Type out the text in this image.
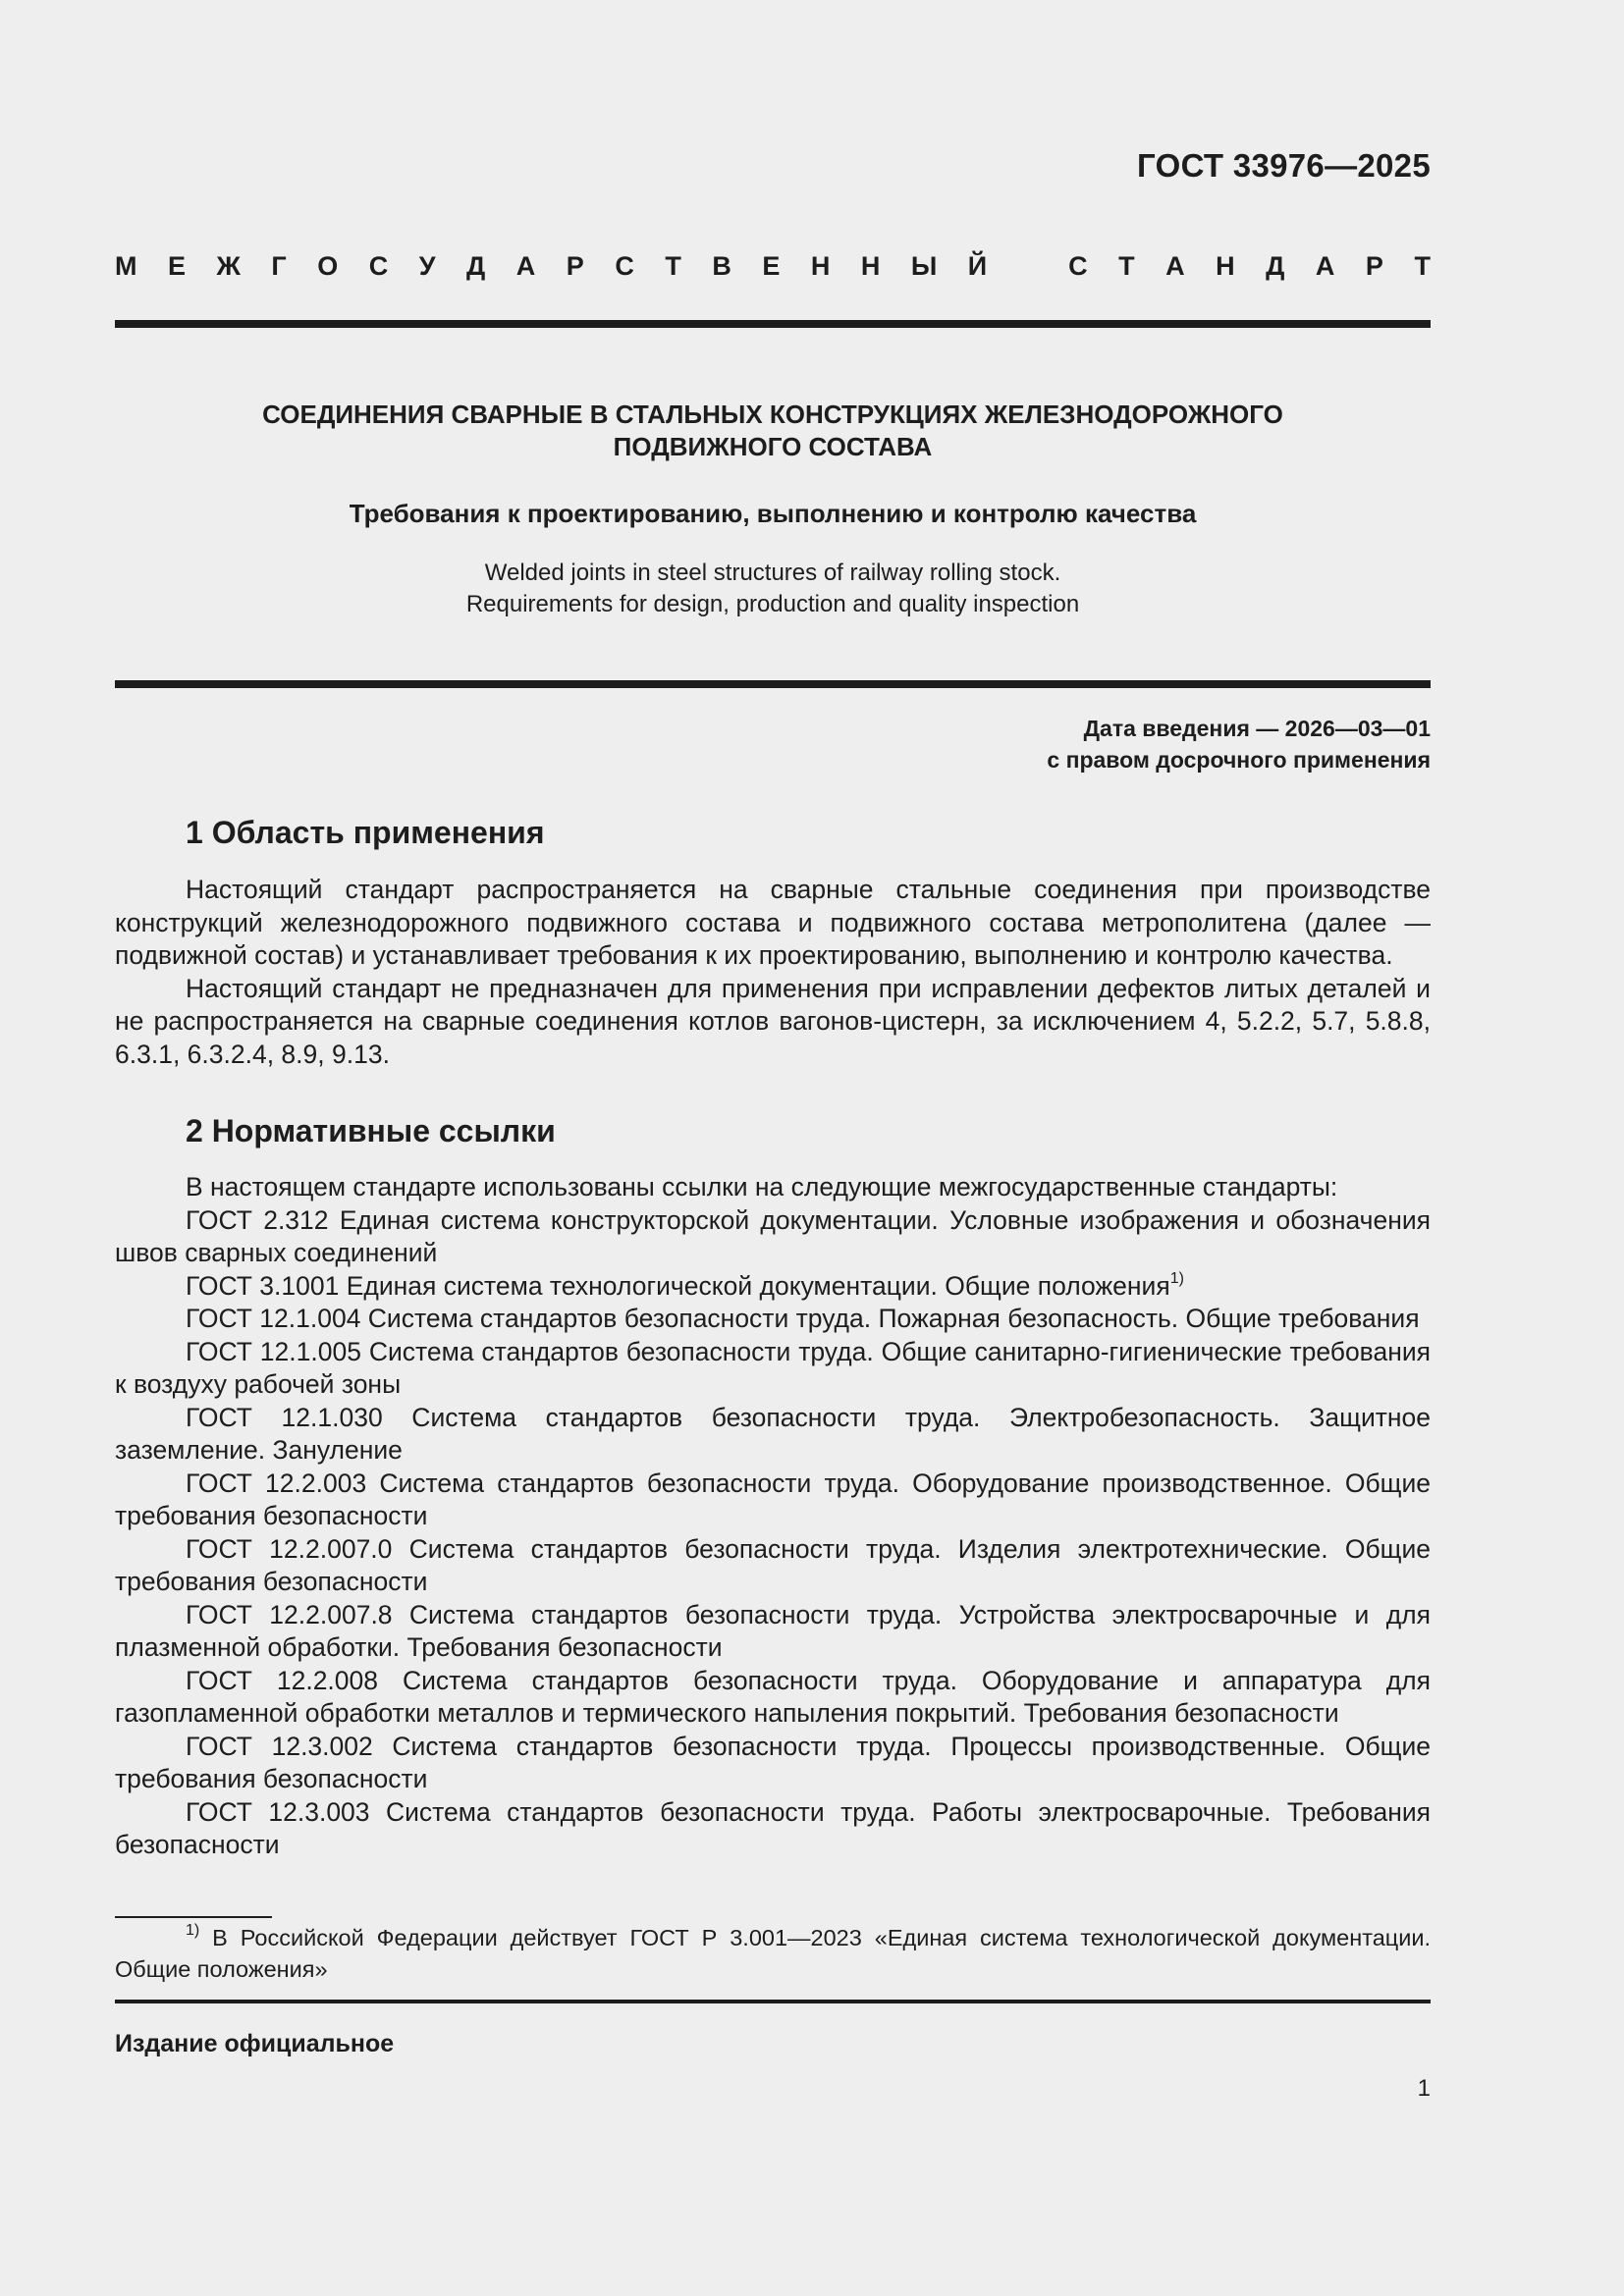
ГОСТ 33976—2025
М Е Ж Г О С У Д А Р С Т В Е Н Н Ы Й	С Т А Н Д А Р Т
СОЕДИНЕНИЯ СВАРНЫЕ В СТАЛЬНЫХ КОНСТРУКЦИЯХ ЖЕЛЕЗНОДОРОЖНОГО
ПОДВИЖНОГО СОСТАВА
Требования к проектированию, выполнению и контролю качества
Welded joints in steel structures of railway rolling stock.
Requirements for design, production and quality inspection
Дата введения — 2026—03—01
с правом досрочного применения
1 Область применения

Настоящий стандарт распространяется на сварные стальные соединения при производстве конструкций железнодорожного подвижного состава и подвижного состава метрополитена (далее — подвижной состав) и устанавливает требования к их проектированию, выполнению и контролю качества.

Настоящий стандарт не предназначен для применения при исправлении дефектов литых деталей и не распространяется на сварные соединения котлов вагонов-цистерн, за исключением 4, 5.2.2, 5.7, 5.8.8, 6.3.1, 6.3.2.4, 8.9, 9.13.

2 Нормативные ссылки

В настоящем стандарте использованы ссылки на следующие межгосударственные стандарты:

ГОСТ 2.312 Единая система конструкторской документации. Условные изображения и обозначения швов сварных соединений

ГОСТ 3.1001 Единая система технологической документации. Общие положения$^{1)}$

ГОСТ 12.1.004 Система стандартов безопасности труда. Пожарная безопасность. Общие требования

ГОСТ 12.1.005 Система стандартов безопасности труда. Общие санитарно-гигиенические требования к воздуху рабочей зоны

ГОСТ 12.1.030 Система стандартов безопасности труда. Электробезопасность. Защитное заземление. Зануление

ГОСТ 12.2.003 Система стандартов безопасности труда. Оборудование производственное. Общие требования безопасности

ГОСТ 12.2.007.0 Система стандартов безопасности труда. Изделия электротехнические. Общие требования безопасности

ГОСТ 12.2.007.8 Система стандартов безопасности труда. Устройства электросварочные и для плазменной обработки. Требования безопасности

ГОСТ 12.2.008 Система стандартов безопасности труда. Оборудование и аппаратура для газопламенной обработки металлов и термического напыления покрытий. Требования безопасности

ГОСТ 12.3.002 Система стандартов безопасности труда. Процессы производственные. Общие требования безопасности

ГОСТ 12.3.003 Система стандартов безопасности труда. Работы электросварочные. Требования безопасности

$^{1)}$ В Российской Федерации действует ГОСТ Р 3.001—2023 «Единая система технологической документации. Общие положения»
Издание официальное
1
